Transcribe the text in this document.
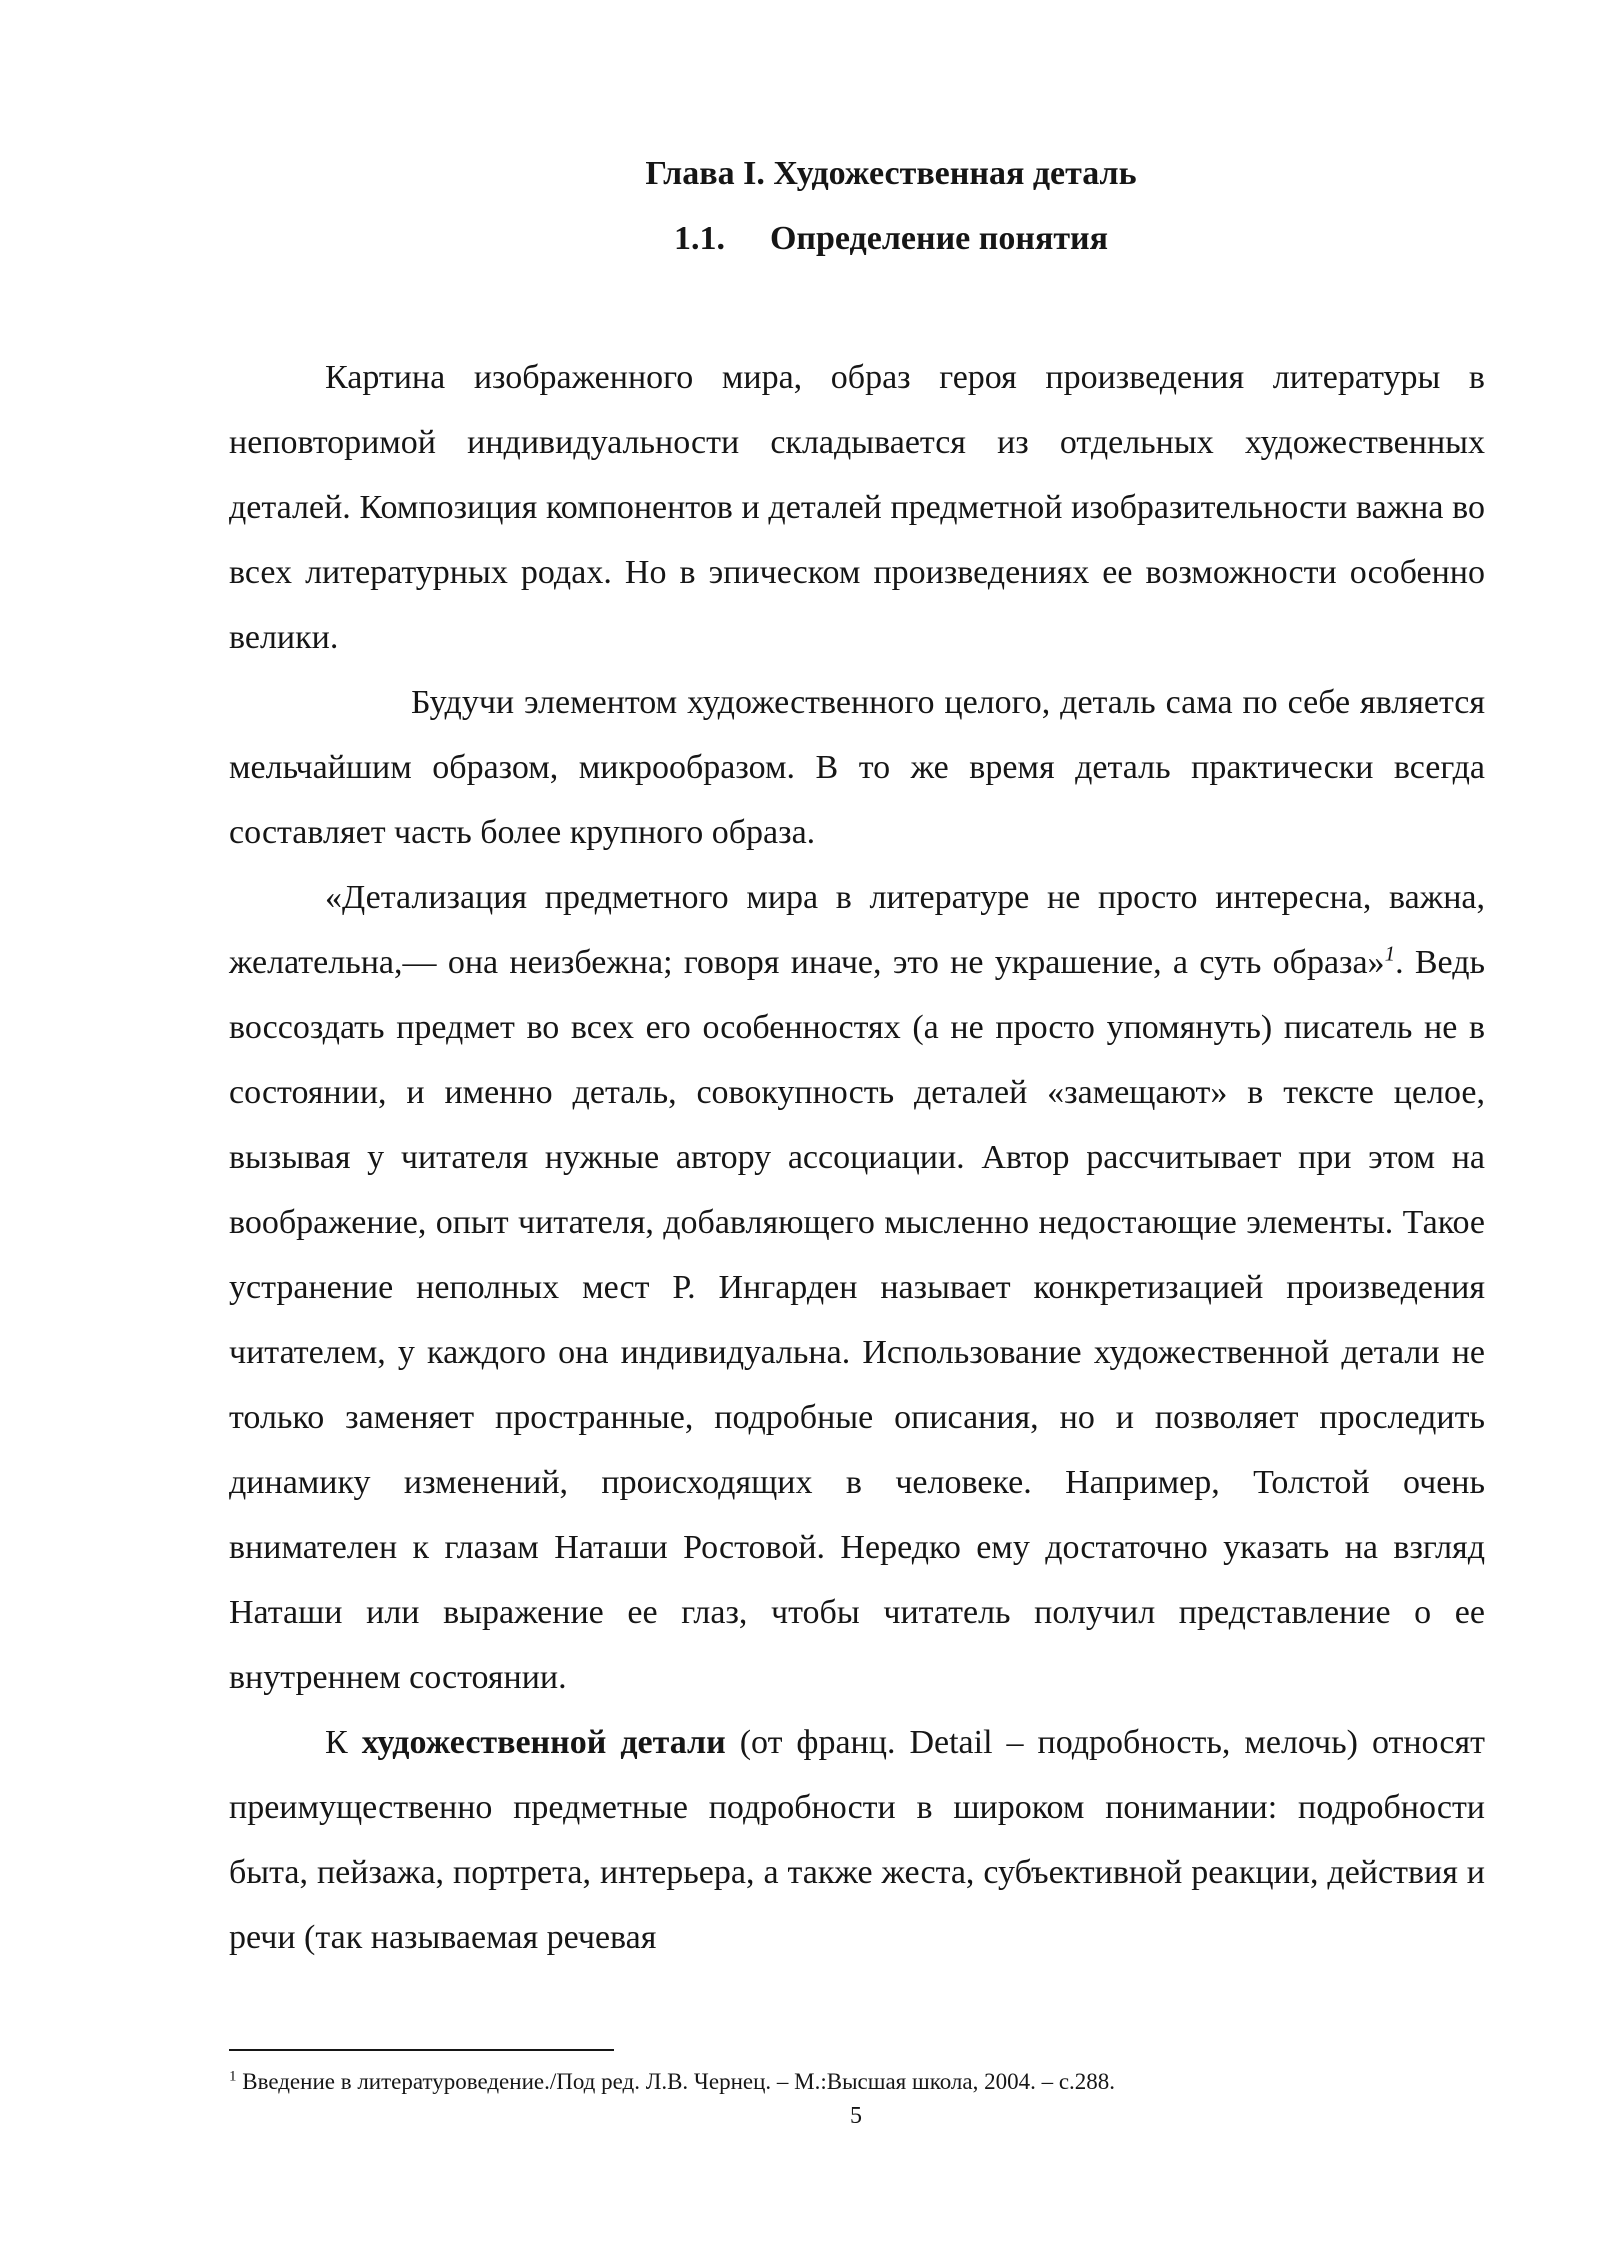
Глава I. Художественная деталь
1.1. Определение понятия

Картина изображенного мира, образ героя произведения литературы в неповторимой индивидуальности складывается из отдельных художественных деталей. Композиция компонентов и деталей предметной изобразительности важна во всех литературных родах. Но в эпическом произведениях ее возможности особенно велики.

Будучи элементом художественного целого, деталь сама по себе является мельчайшим образом, микрообразом. В то же время деталь практически всегда составляет часть более крупного образа.

«Детализация предметного мира в литературе не просто интересна, важна, желательна,— она неизбежна; говоря иначе, это не украшение, а суть образа»$^1$. Ведь воссоздать предмет во всех его особенностях (а не просто упомянуть) писатель не в состоянии, и именно деталь, совокупность деталей «замещают» в тексте целое, вызывая у читателя нужные автору ассоциации. Автор рассчитывает при этом на воображение, опыт читателя, добавляющего мысленно недостающие элементы. Такое устранение неполных мест Р. Ингарден называет конкретизацией произведения читателем, у каждого она индивидуальна. Использование художественной детали не только заменяет пространные, подробные описания, но и позволяет проследить динамику изменений, происходящих в человеке. Например, Толстой очень внимателен к глазам Наташи Ростовой. Нередко ему достаточно указать на взгляд Наташи или выражение ее глаз, чтобы читатель получил представление о ее внутреннем состоянии.

К художественной детали (от франц. Detail – подробность, мелочь) относят преимущественно предметные подробности в широком понимании: подробности быта, пейзажа, портрета, интерьера, а также жеста, субъективной реакции, действия и речи (так называемая речевая

$^1$ Введение в литературоведение./Под ред. Л.В. Чернец. – М.:Высшая школа, 2004. – с.288.
5
